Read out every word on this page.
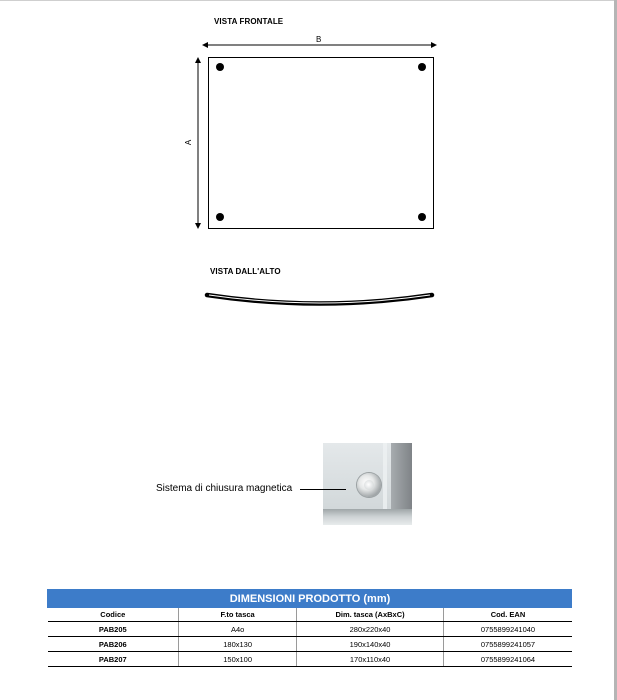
VISTA FRONTALE
B
A
VISTA DALL'ALTO
Sistema di chiusura magnetica
DIMENSIONI PRODOTTO (mm)			
Codice	F.to tasca	Dim. tasca (AxBxC)	Cod. EAN
PAB205	A4o	280x220x40	0755899241040
PAB206	180x130	190x140x40	0755899241057
PAB207	150x100	170x110x40	0755899241064
